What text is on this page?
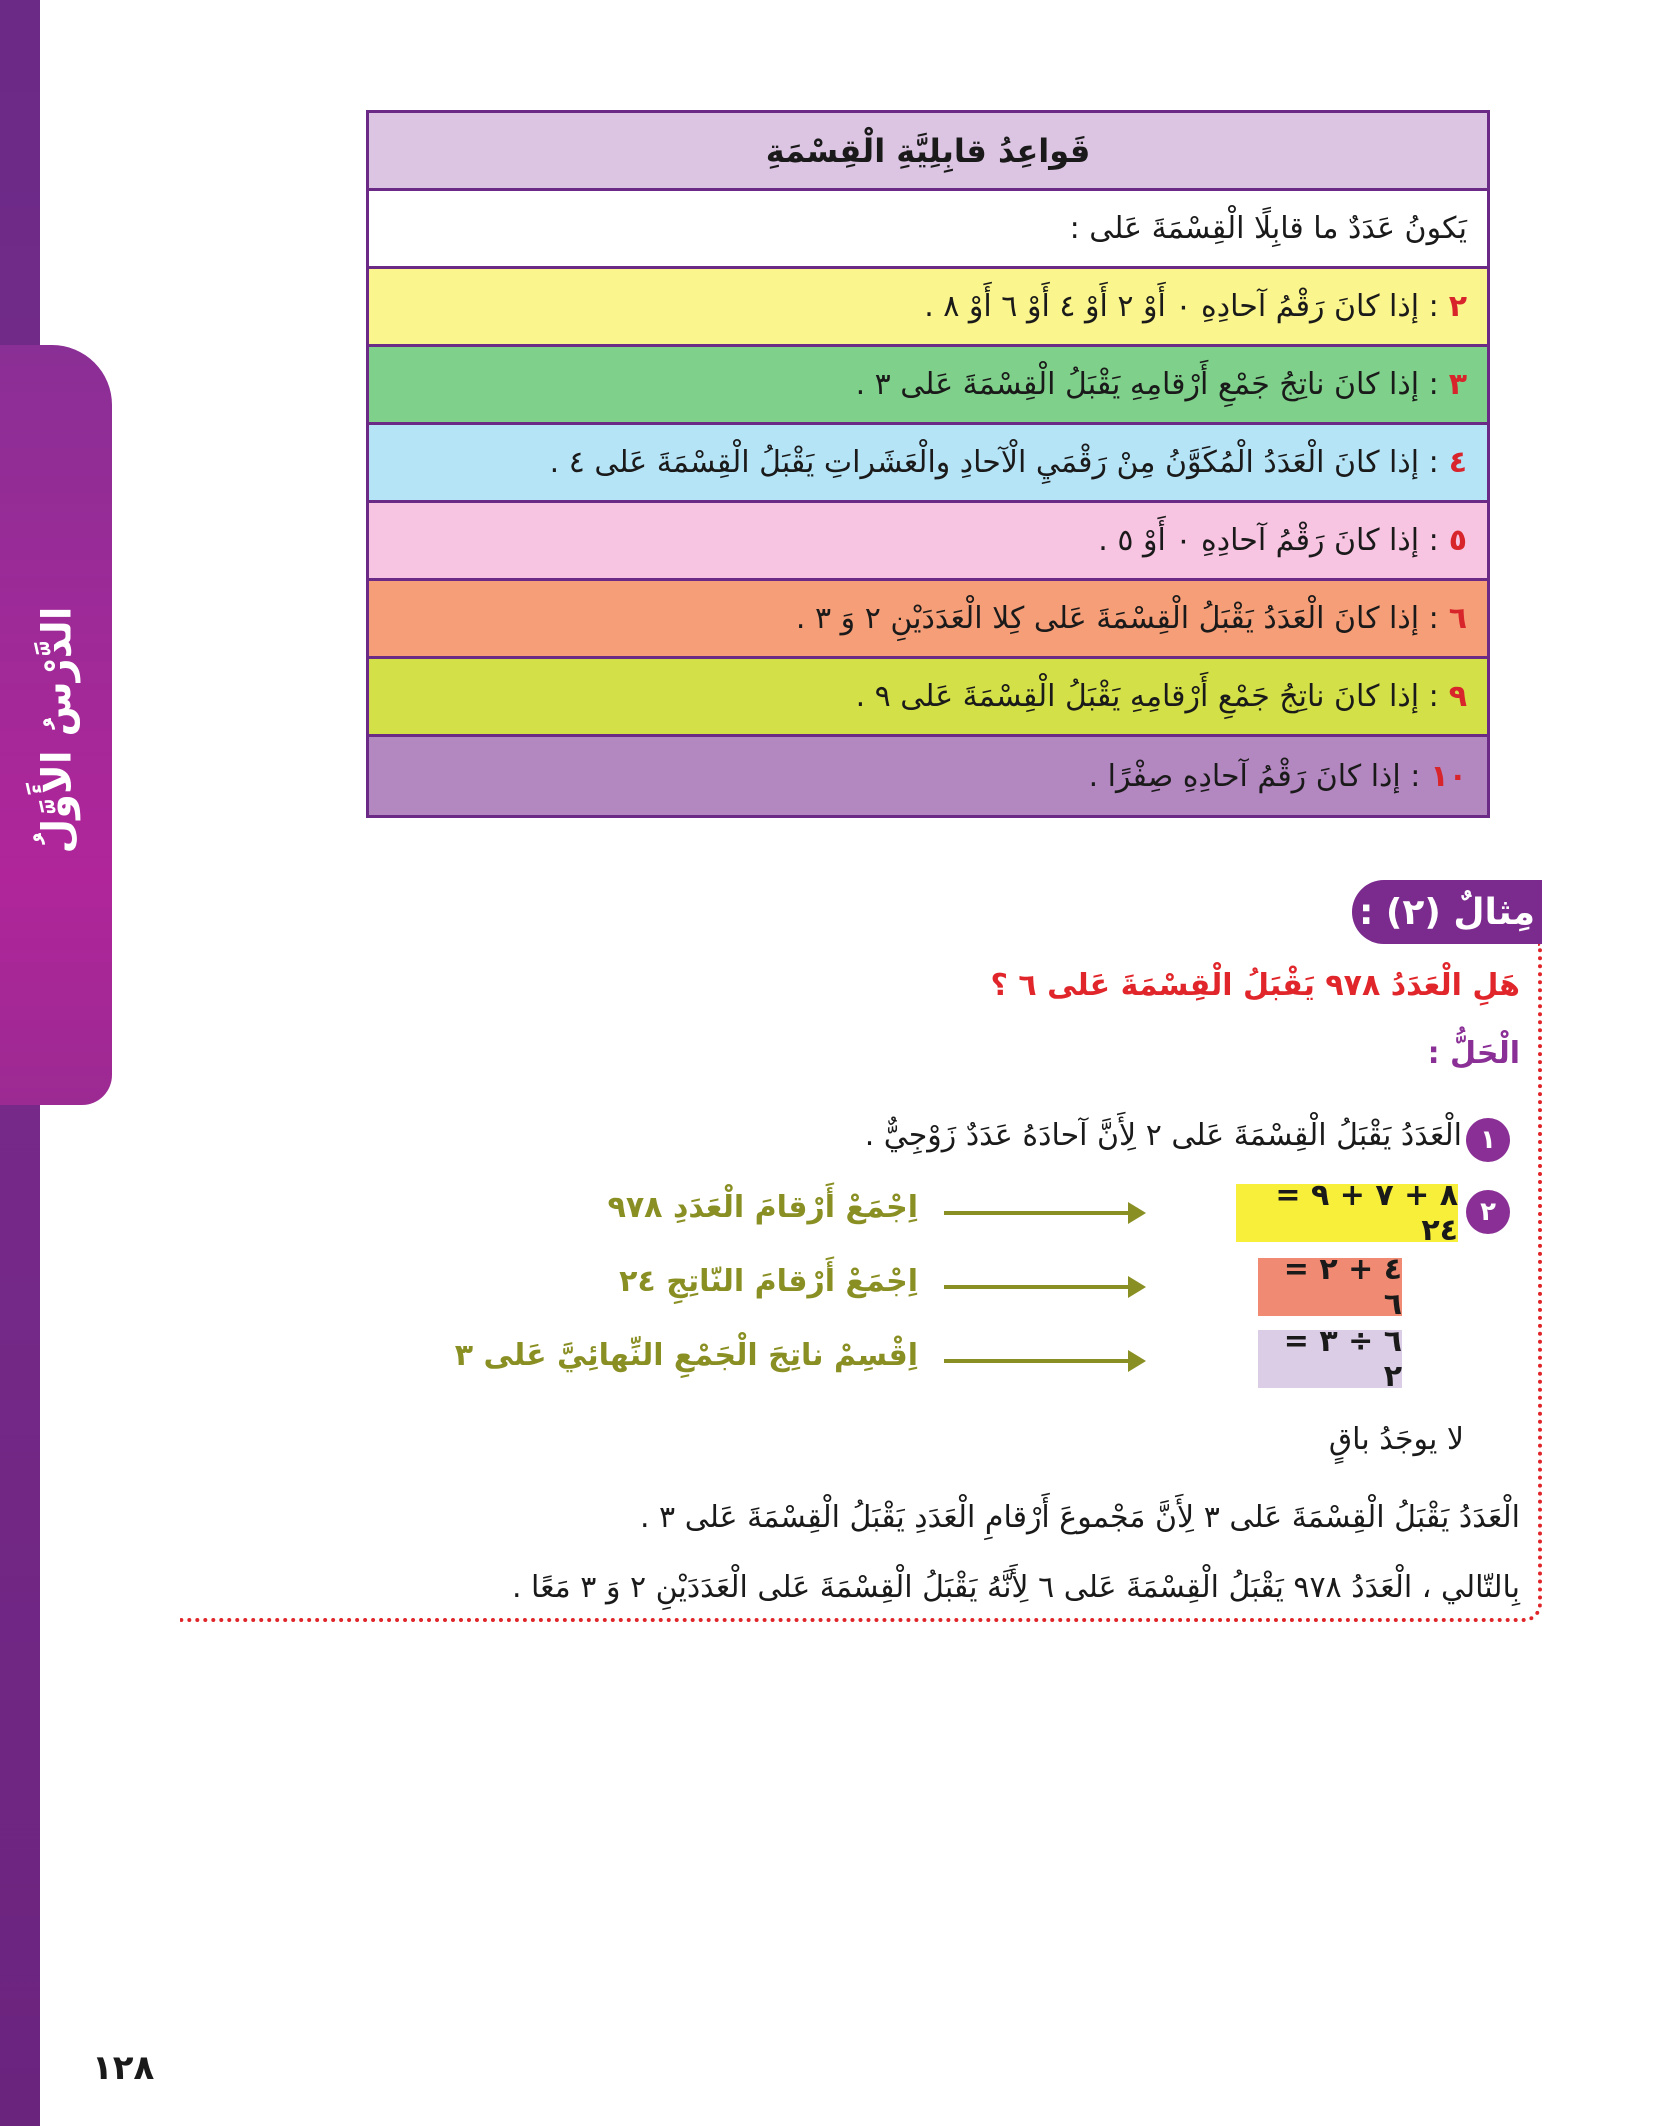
الدَّرْسُ الأَوَّلُ
قَواعِدُ قابِلِيَّةِ الْقِسْمَةِ
يَكونُ عَدَدٌ ما قابِلًا الْقِسْمَةَ عَلى :
٢
: إذا كانَ رَقْمُ آحادِهِ ٠ أَوْ ٢ أَوْ ٤ أَوْ ٦ أَوْ ٨ .
٣
: إذا كانَ ناتِجُ جَمْعِ أَرْقامِهِ يَقْبَلُ الْقِسْمَةَ عَلى ٣ .
٤
: إذا كانَ الْعَدَدُ الْمُكَوَّنُ مِنْ رَقْمَيِ الْآحادِ والْعَشَراتِ يَقْبَلُ الْقِسْمَةَ عَلى ٤ .
٥
: إذا كانَ رَقْمُ آحادِهِ ٠ أَوْ ٥ .
٦
: إذا كانَ الْعَدَدُ يَقْبَلُ الْقِسْمَةَ عَلى كِلا الْعَدَدَيْنِ ٢ وَ ٣ .
٩
: إذا كانَ ناتِجُ جَمْعِ أَرْقامِهِ يَقْبَلُ الْقِسْمَةَ عَلى ٩ .
١٠
: إذا كانَ رَقْمُ آحادِهِ صِفْرًا .
مِثالٌ (٢) :
هَلِ الْعَدَدُ ٩٧٨ يَقْبَلُ الْقِسْمَةَ عَلى ٦ ؟
الْحَلُّ :
١
الْعَدَدُ يَقْبَلُ الْقِسْمَةَ عَلى ٢ لِأَنَّ آحادَهُ عَدَدٌ زَوْجِيٌّ .
٢
٨ + ٧ + ٩ = ٢٤
٤ + ٢ = ٦
٦ ÷ ٣ = ٢
اِجْمَعْ أَرْقامَ الْعَدَدِ ٩٧٨
اِجْمَعْ أَرْقامَ النّاتِجِ ٢٤
اِقْسِمْ ناتِجَ الْجَمْعِ النِّهائِيَّ عَلى ٣
لا يوجَدُ باقٍ
الْعَدَدُ يَقْبَلُ الْقِسْمَةَ عَلى ٣ لِأَنَّ مَجْموعَ أَرْقامِ الْعَدَدِ يَقْبَلُ الْقِسْمَةَ عَلى ٣ .
بِالتّالي ، الْعَدَدُ ٩٧٨ يَقْبَلُ الْقِسْمَةَ عَلى ٦ لِأَنَّهُ يَقْبَلُ الْقِسْمَةَ عَلى الْعَدَدَيْنِ ٢ وَ ٣ مَعًا .
١٢٨
